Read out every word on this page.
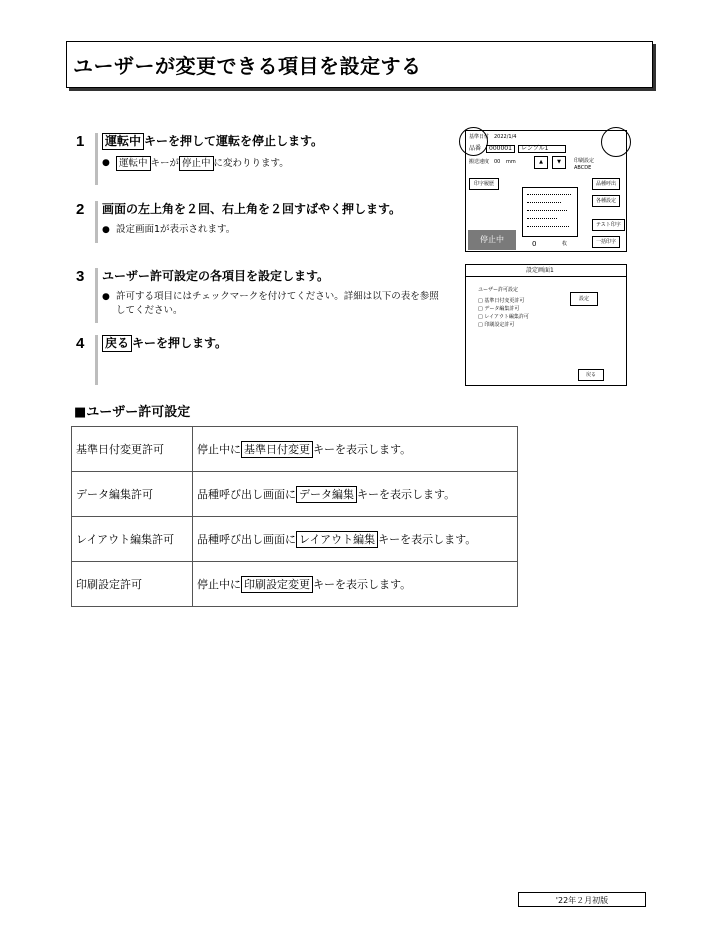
ユーザーが変更できる項目を設定する
1 運転中 キーを押して運転を停止します。
● 運転中 キーが 停止中 に変わりります。
2 画面の左上角を２回、右上角を２回すばやく押します。
● 設定画面1が表示されます。
3 ユーザー許可設定の各項目を設定します。
● 許可する項目にはチェックマークを付けてください。詳細は以下の表を参照してください。
4 戻る キーを押します。
基準日付 2022/1/4
品番	000001	レンブル1
搬送速度 00 mm	▲	▼	印刷設定
ABCDE
印字履歴	品種呼出
各種設定
テスト印字
停止中	0	枚	一括印字
設定画面1
ユーザー許可設定
□ 基準日付変更許可
□ データ編集許可
□ レイアウト編集許可
□ 印刷設定許可
設定
戻る
■ユーザー許可設定
基準日付変更許可	停止中に 基準日付変更 キーを表示します。
データ編集許可	品種呼び出し画面に データ編集 キーを表示します。
レイアウト編集許可	品種呼び出し画面に レイアウト編集 キーを表示します。
印刷設定許可	停止中に 印刷設定変更 キーを表示します。
'22年２月初版
